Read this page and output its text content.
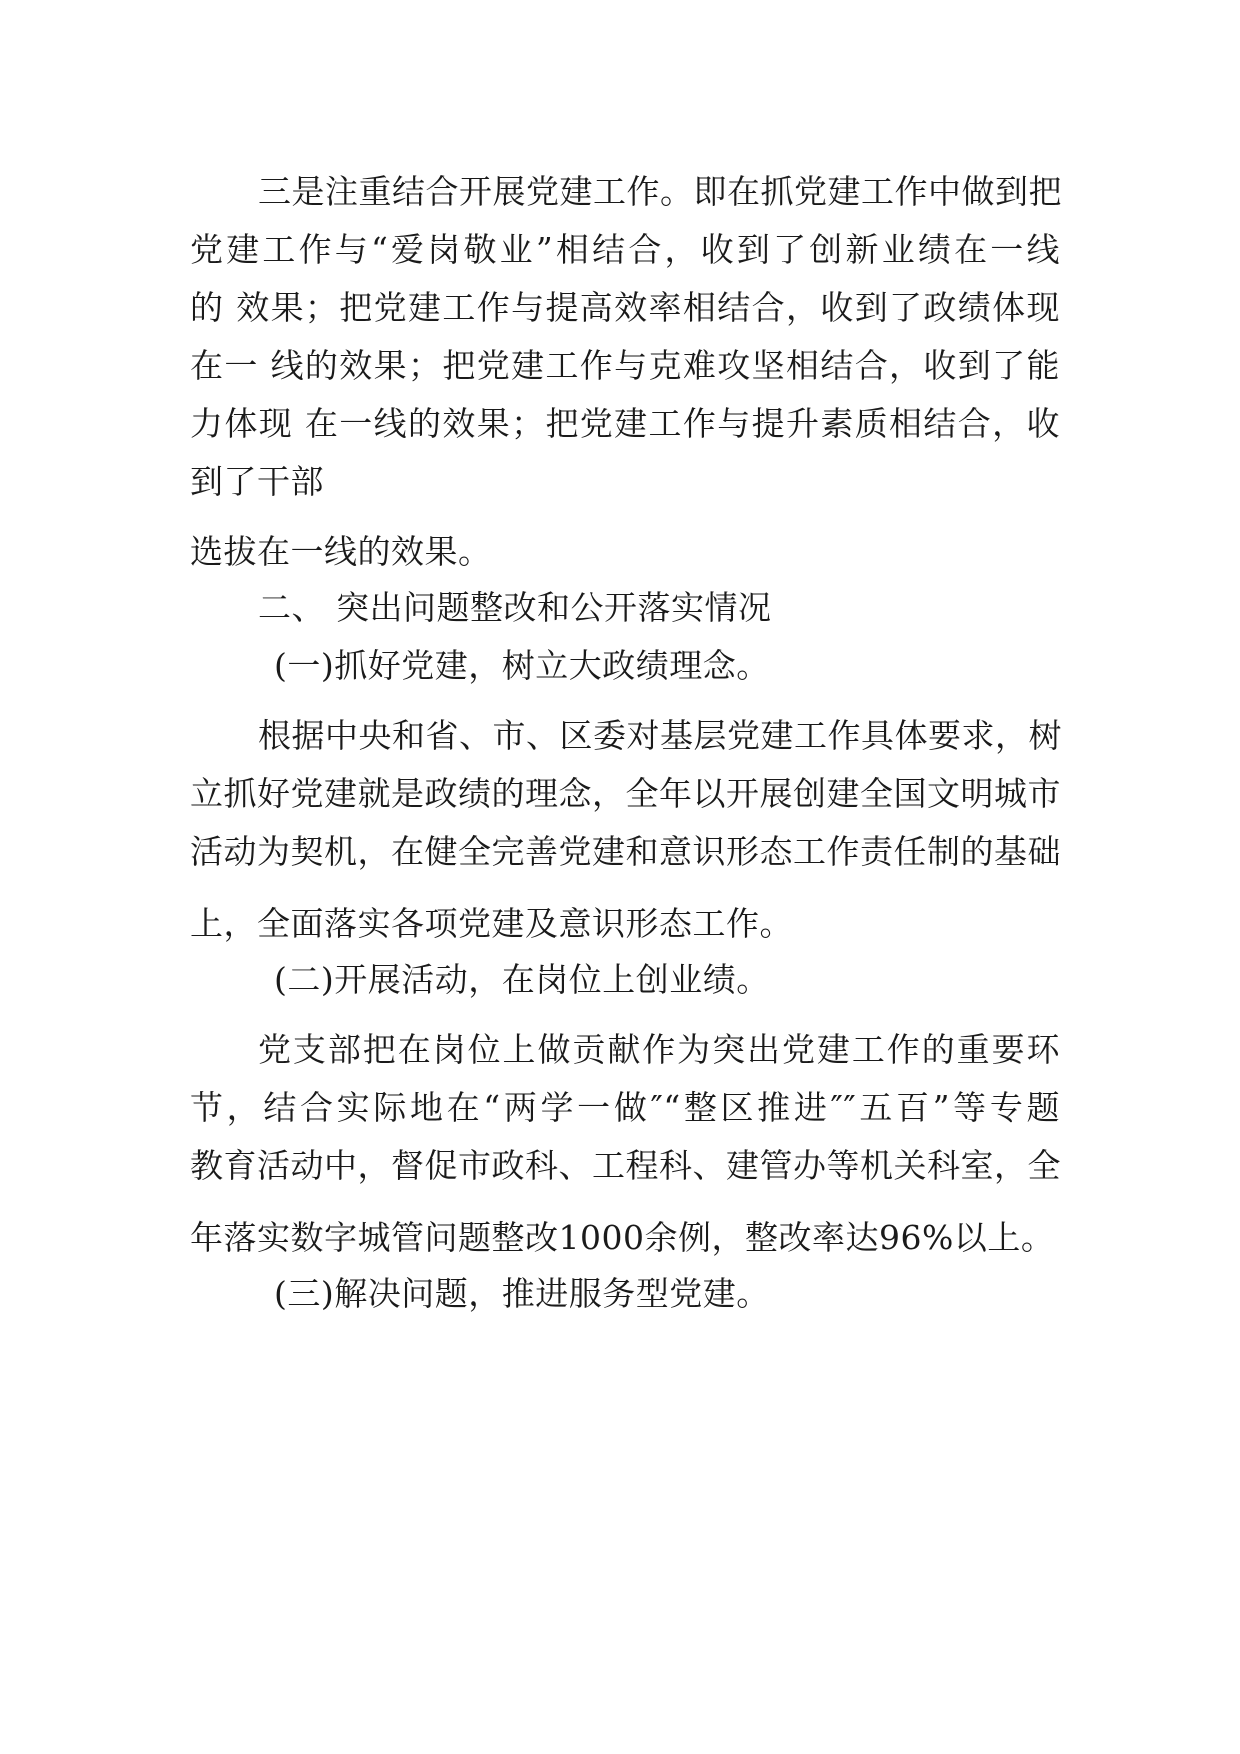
三是注重结合开展党建工作。即在抓党建工作中做到把
党建工作与“爱岗敬业”相结合，收到了创新业绩在一线
的 效果；把党建工作与提高效率相结合，收到了政绩体现
在一 线的效果；把党建工作与克难攻坚相结合，收到了能
力体现 在一线的效果；把党建工作与提升素质相结合，收
到了干部
选拔在一线的效果。
二、 突出问题整改和公开落实情况
(一)抓好党建，树立大政绩理念。
根据中央和省、市、区委对基层党建工作具体要求，树
立抓好党建就是政绩的理念，全年以开展创建全国文明城市
活动为契机，在健全完善党建和意识形态工作责任制的基础
上，全面落实各项党建及意识形态工作。
(二)开展活动，在岗位上创业绩。
党支部把在岗位上做贡献作为突出党建工作的重要环
节，结合实际地在“两学一做″“整区推进″″五百”等专题
教育活动中，督促市政科、工程科、建管办等机关科室，全
年落实数字城管问题整改1000余例，整改率达96%以上。
(三)解决问题，推进服务型党建。
